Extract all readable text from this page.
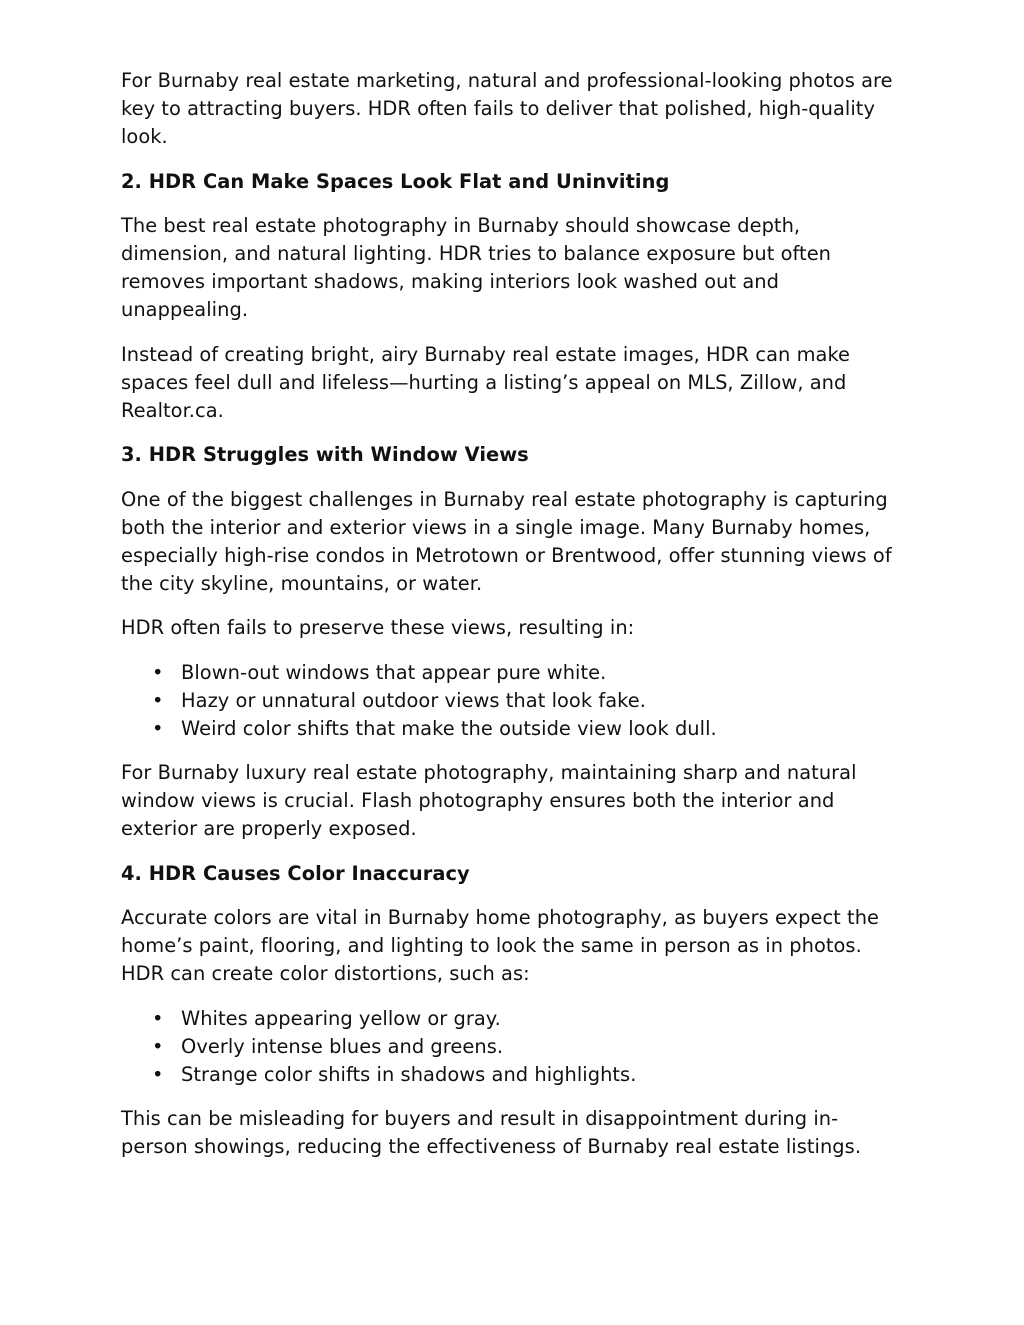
For Burnaby real estate marketing, natural and professional-looking photos are key to attracting buyers. HDR often fails to deliver that polished, high-quality look.

2. HDR Can Make Spaces Look Flat and Uninviting

The best real estate photography in Burnaby should showcase depth, dimension, and natural lighting. HDR tries to balance exposure but often removes important shadows, making interiors look washed out and unappealing.

Instead of creating bright, airy Burnaby real estate images, HDR can make spaces feel dull and lifeless—hurting a listing’s appeal on MLS, Zillow, and Realtor.ca.

3. HDR Struggles with Window Views

One of the biggest challenges in Burnaby real estate photography is capturing both the interior and exterior views in a single image. Many Burnaby homes, especially high-rise condos in Metrotown or Brentwood, offer stunning views of the city skyline, mountains, or water.

HDR often fails to preserve these views, resulting in:

• Blown-out windows that appear pure white.
• Hazy or unnatural outdoor views that look fake.
• Weird color shifts that make the outside view look dull.

For Burnaby luxury real estate photography, maintaining sharp and natural window views is crucial. Flash photography ensures both the interior and exterior are properly exposed.

4. HDR Causes Color Inaccuracy

Accurate colors are vital in Burnaby home photography, as buyers expect the home’s paint, flooring, and lighting to look the same in person as in photos. HDR can create color distortions, such as:

• Whites appearing yellow or gray.
• Overly intense blues and greens.
• Strange color shifts in shadows and highlights.

This can be misleading for buyers and result in disappointment during in-person showings, reducing the effectiveness of Burnaby real estate listings.
